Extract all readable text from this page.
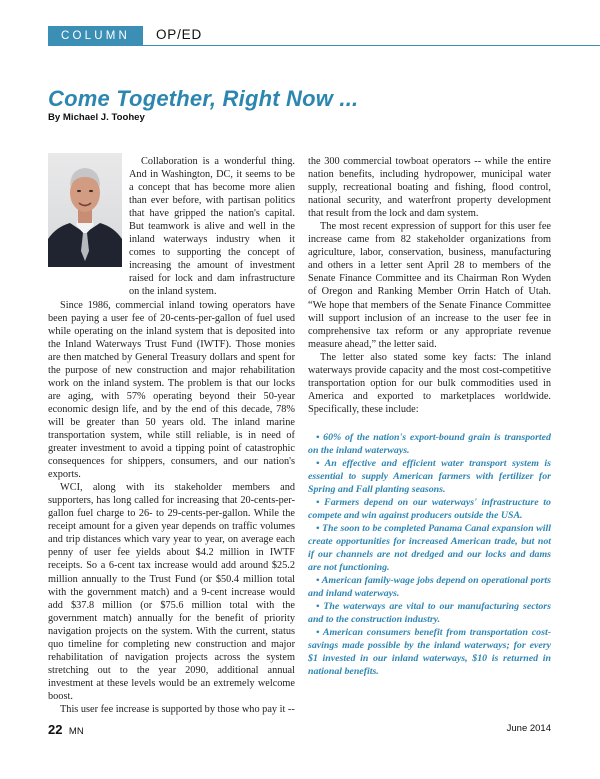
COLUMN	OP/ED
Come Together, Right Now ...
By Michael J. Toohey

Collaboration is a wonderful thing. And in Washington, DC, it seems to be a concept that has become more alien than ever before, with partisan politics that have gripped the nation's capital. But teamwork is alive and well in the inland waterways industry when it comes to supporting the concept of increasing the amount of investment raised for lock and dam infrastructure on the inland system.

Since 1986, commercial inland towing operators have been paying a user fee of 20-cents-per-gallon of fuel used while operating on the inland system that is deposited into the Inland Waterways Trust Fund (IWTF). Those monies are then matched by General Treasury dollars and spent for the purpose of new construction and major rehabilitation work on the inland system. The problem is that our locks are aging, with 57% operating beyond their 50-year economic design life, and by the end of this decade, 78% will be greater than 50 years old. The inland marine transportation system, while still reliable, is in need of greater investment to avoid a tipping point of catastrophic consequences for shippers, consumers, and our nation's exports.

WCI, along with its stakeholder members and supporters, has long called for increasing that 20-cents-per-gallon fuel charge to 26- to 29-cents-per-gallon. While the receipt amount for a given year depends on traffic volumes and trip distances which vary year to year, on average each penny of user fee yields about $4.2 million in IWTF receipts. So a 6-cent tax increase would add around $25.2 million annually to the Trust Fund (or $50.4 million total with the government match) and a 9-cent increase would add $37.8 million (or $75.6 million total with the government match) annually for the benefit of priority navigation projects on the system. With the current, status quo timeline for completing new construction and major rehabilitation of navigation projects across the system stretching out to the year 2090, additional annual investment at these levels would be an extremely welcome boost.

This user fee increase is supported by those who pay it --

the 300 commercial towboat operators -- while the entire nation benefits, including hydropower, municipal water supply, recreational boating and fishing, flood control, national security, and waterfront property development that result from the lock and dam system.

The most recent expression of support for this user fee increase came from 82 stakeholder organizations from agriculture, labor, conservation, business, manufacturing and others in a letter sent April 28 to members of the Senate Finance Committee and its Chairman Ron Wyden of Oregon and Ranking Member Orrin Hatch of Utah. “We hope that members of the Senate Finance Committee will support inclusion of an increase to the user fee in comprehensive tax reform or any appropriate revenue measure ahead,” the letter said.

The letter also stated some key facts: The inland waterways provide capacity and the most cost-competitive transportation option for our bulk commodities used in America and exported to marketplaces worldwide. Specifically, these include:

• 60% of the nation's export-bound grain is transported on the inland waterways.

• An effective and efficient water transport system is essential to supply American farmers with fertilizer for Spring and Fall planting seasons.

• Farmers depend on our waterways' infrastructure to compete and win against producers outside the USA.

• The soon to be completed Panama Canal expansion will create opportunities for increased American trade, but not if our channels are not dredged and our locks and dams are not functioning.

• American family-wage jobs depend on operational ports and inland waterways.

• The waterways are vital to our manufacturing sectors and to the construction industry.

• American consumers benefit from transportation cost-savings made possible by the inland waterways; for every $1 invested in our inland waterways, $10 is returned in national benefits.

22 MN	June 2014
